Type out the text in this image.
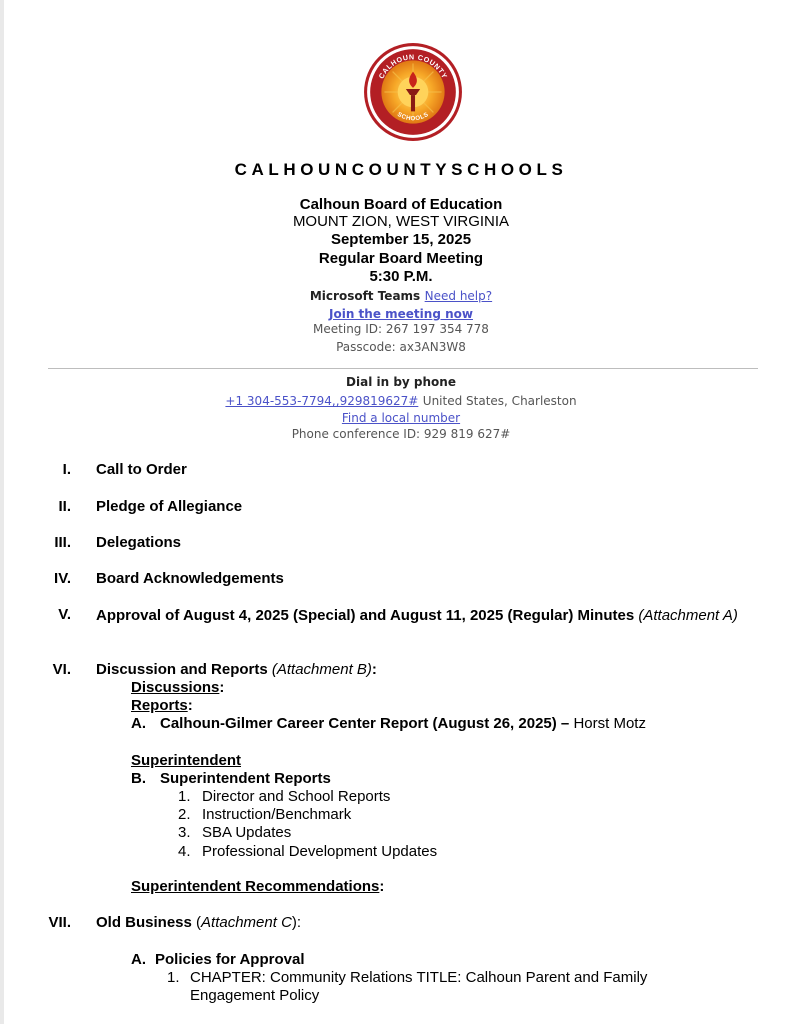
CALHOUN COUNTY
SCHOOLS
CALHOUNCOUNTYSCHOOLS
Calhoun Board of Education
MOUNT ZION, WEST VIRGINIA
September 15, 2025
Regular Board Meeting
5:30 P.M.
Microsoft Teams Need help?
Join the meeting now
Meeting ID: 267 197 354 778
Passcode: ax3AN3W8
Dial in by phone
+1 304-553-7794,,929819627# United States, Charleston
Find a local number
Phone conference ID: 929 819 627#
I. Call to Order
II. Pledge of Allegiance
III. Delegations
IV. Board Acknowledgements
V. Approval of August 4, 2025 (Special) and August 11, 2025 (Regular) Minutes (Attachment A)
VI. Discussion and Reports (Attachment B):
Discussions:
Reports:
A. Calhoun-Gilmer Career Center Report (August 26, 2025) – Horst Motz
Superintendent
B. Superintendent Reports
1. Director and School Reports
2. Instruction/Benchmark
3. SBA Updates
4. Professional Development Updates
Superintendent Recommendations:
VII. Old Business (Attachment C):
A. Policies for Approval
1. CHAPTER: Community Relations TITLE: Calhoun Parent and Family
Engagement Policy
